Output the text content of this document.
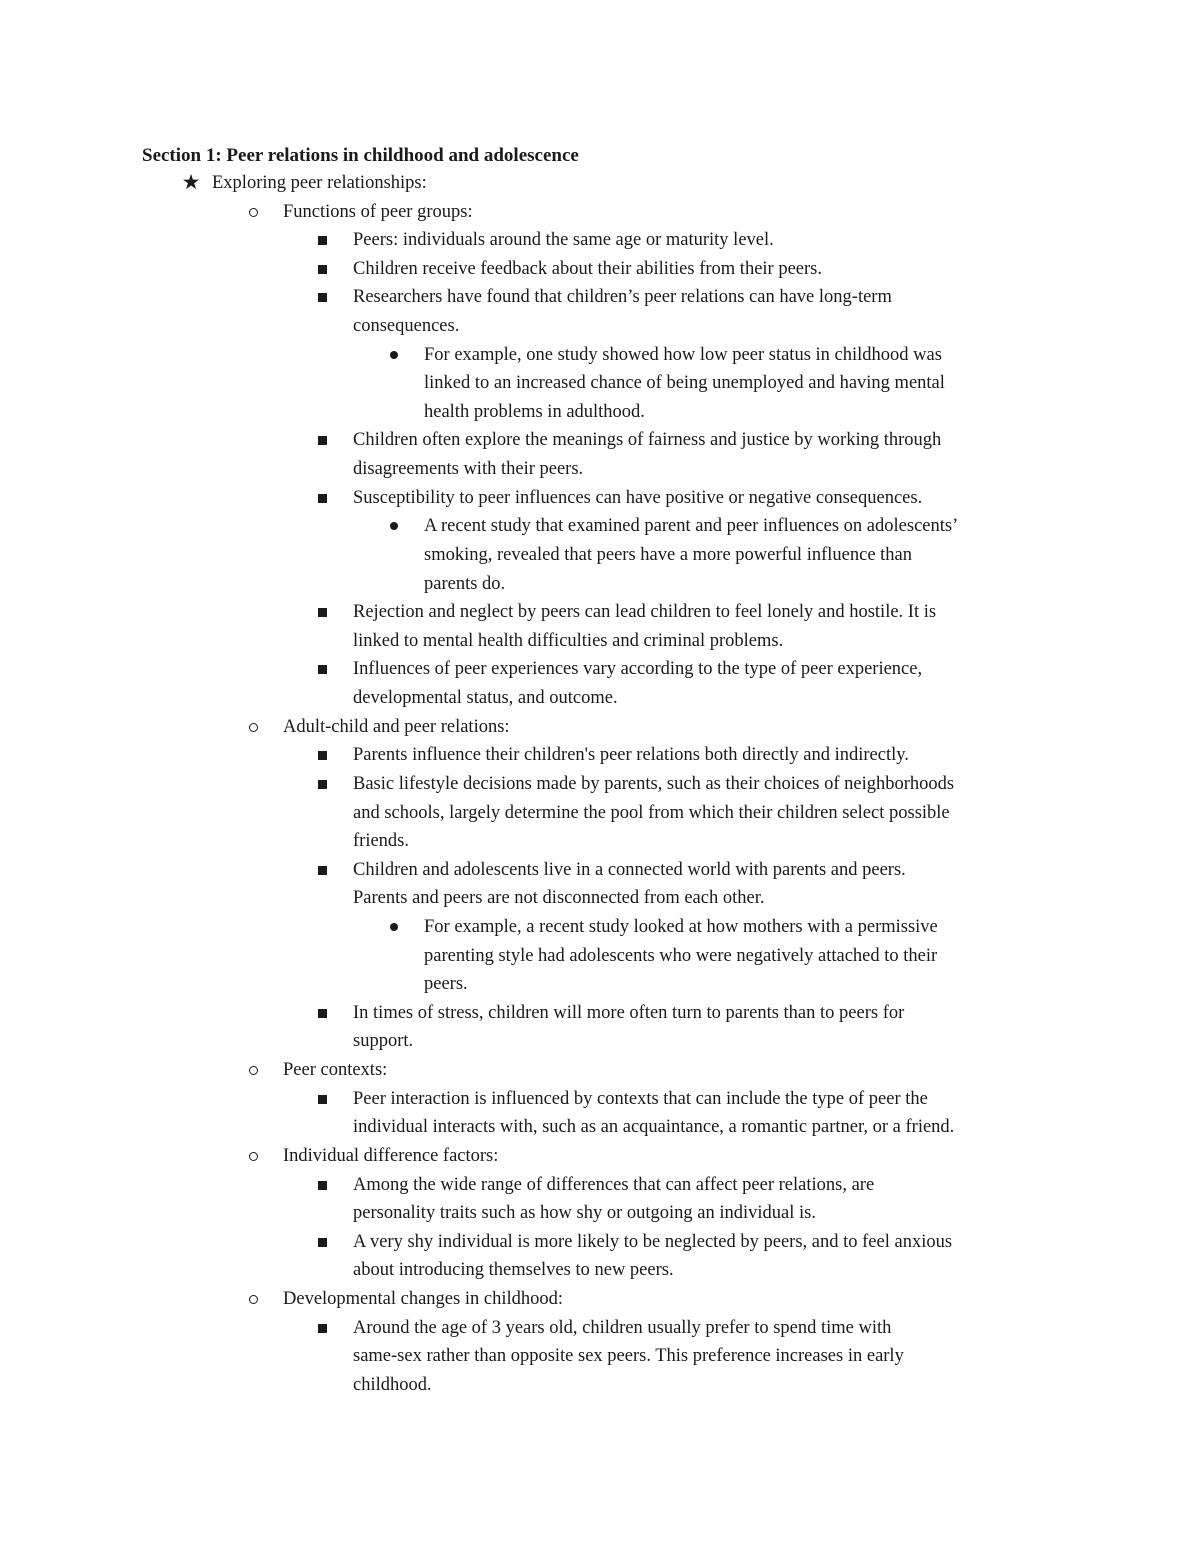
Section 1: Peer relations in childhood and adolescence
★ Exploring peer relationships:
Functions of peer groups:
Peers: individuals around the same age or maturity level.
Children receive feedback about their abilities from their peers.
Researchers have found that children’s peer relations can have long-term
consequences.
For example, one study showed how low peer status in childhood was
linked to an increased chance of being unemployed and having mental
health problems in adulthood.
Children often explore the meanings of fairness and justice by working through
disagreements with their peers.
Susceptibility to peer influences can have positive or negative consequences.
A recent study that examined parent and peer influences on adolescents’
smoking, revealed that peers have a more powerful influence than
parents do.
Rejection and neglect by peers can lead children to feel lonely and hostile. It is
linked to mental health difficulties and criminal problems.
Influences of peer experiences vary according to the type of peer experience,
developmental status, and outcome.
Adult-child and peer relations:
Parents influence their children's peer relations both directly and indirectly.
Basic lifestyle decisions made by parents, such as their choices of neighborhoods
and schools, largely determine the pool from which their children select possible
friends.
Children and adolescents live in a connected world with parents and peers.
Parents and peers are not disconnected from each other.
For example, a recent study looked at how mothers with a permissive
parenting style had adolescents who were negatively attached to their
peers.
In times of stress, children will more often turn to parents than to peers for
support.
Peer contexts:
Peer interaction is influenced by contexts that can include the type of peer the
individual interacts with, such as an acquaintance, a romantic partner, or a friend.
Individual difference factors:
Among the wide range of differences that can affect peer relations, are
personality traits such as how shy or outgoing an individual is.
A very shy individual is more likely to be neglected by peers, and to feel anxious
about introducing themselves to new peers.
Developmental changes in childhood:
Around the age of 3 years old, children usually prefer to spend time with
same-sex rather than opposite sex peers. This preference increases in early
childhood.
